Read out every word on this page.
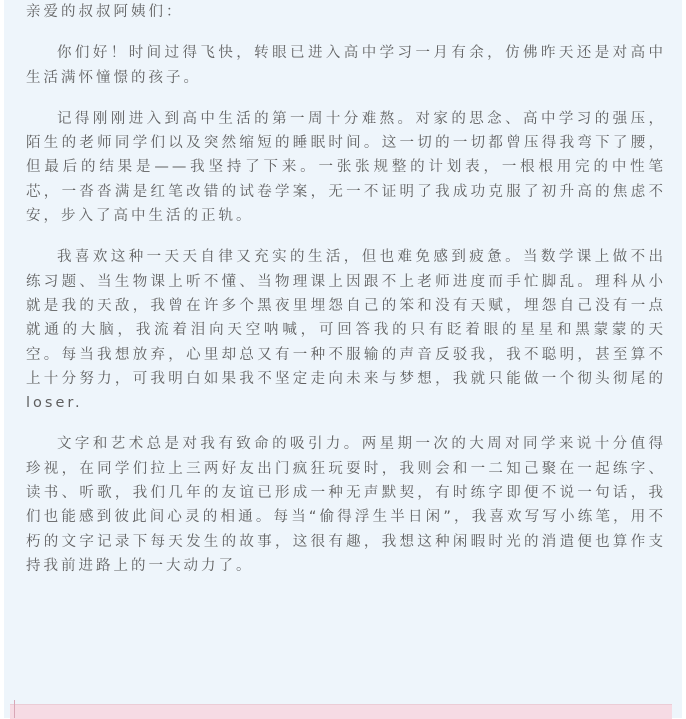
亲爱的叔叔阿姨们：

你们好！时间过得飞快，转眼已进入高中学习一月有余，仿佛昨天还是对高中生活满怀憧憬的孩子。

记得刚刚进入到高中生活的第一周十分难熬。对家的思念、高中学习的强压，陌生的老师同学们以及突然缩短的睡眠时间。这一切的一切都曾压得我弯下了腰，但最后的结果是——我坚持了下来。一张张规整的计划表，一根根用完的中性笔芯，一沓沓满是红笔改错的试卷学案，无一不证明了我成功克服了初升高的焦虑不安，步入了高中生活的正轨。

我喜欢这种一天天自律又充实的生活，但也难免感到疲惫。当数学课上做不出练习题、当生物课上听不懂、当物理课上因跟不上老师进度而手忙脚乱。理科从小就是我的天敌，我曾在许多个黑夜里埋怨自己的笨和没有天赋，埋怨自己没有一点就通的大脑，我流着泪向天空呐喊，可回答我的只有眨着眼的星星和黑蒙蒙的天空。每当我想放弃，心里却总又有一种不服输的声音反驳我，我不聪明，甚至算不上十分努力，可我明白如果我不坚定走向未来与梦想，我就只能做一个彻头彻尾的loser.

文字和艺术总是对我有致命的吸引力。两星期一次的大周对同学来说十分值得珍视，在同学们拉上三两好友出门疯狂玩耍时，我则会和一二知己聚在一起练字、读书、听歌，我们几年的友谊已形成一种无声默契，有时练字即便不说一句话，我们也能感到彼此间心灵的相通。每当“偷得浮生半日闲”，我喜欢写写小练笔，用不朽的文字记录下每天发生的故事，这很有趣，我想这种闲暇时光的消遣便也算作支持我前进路上的一大动力了。
